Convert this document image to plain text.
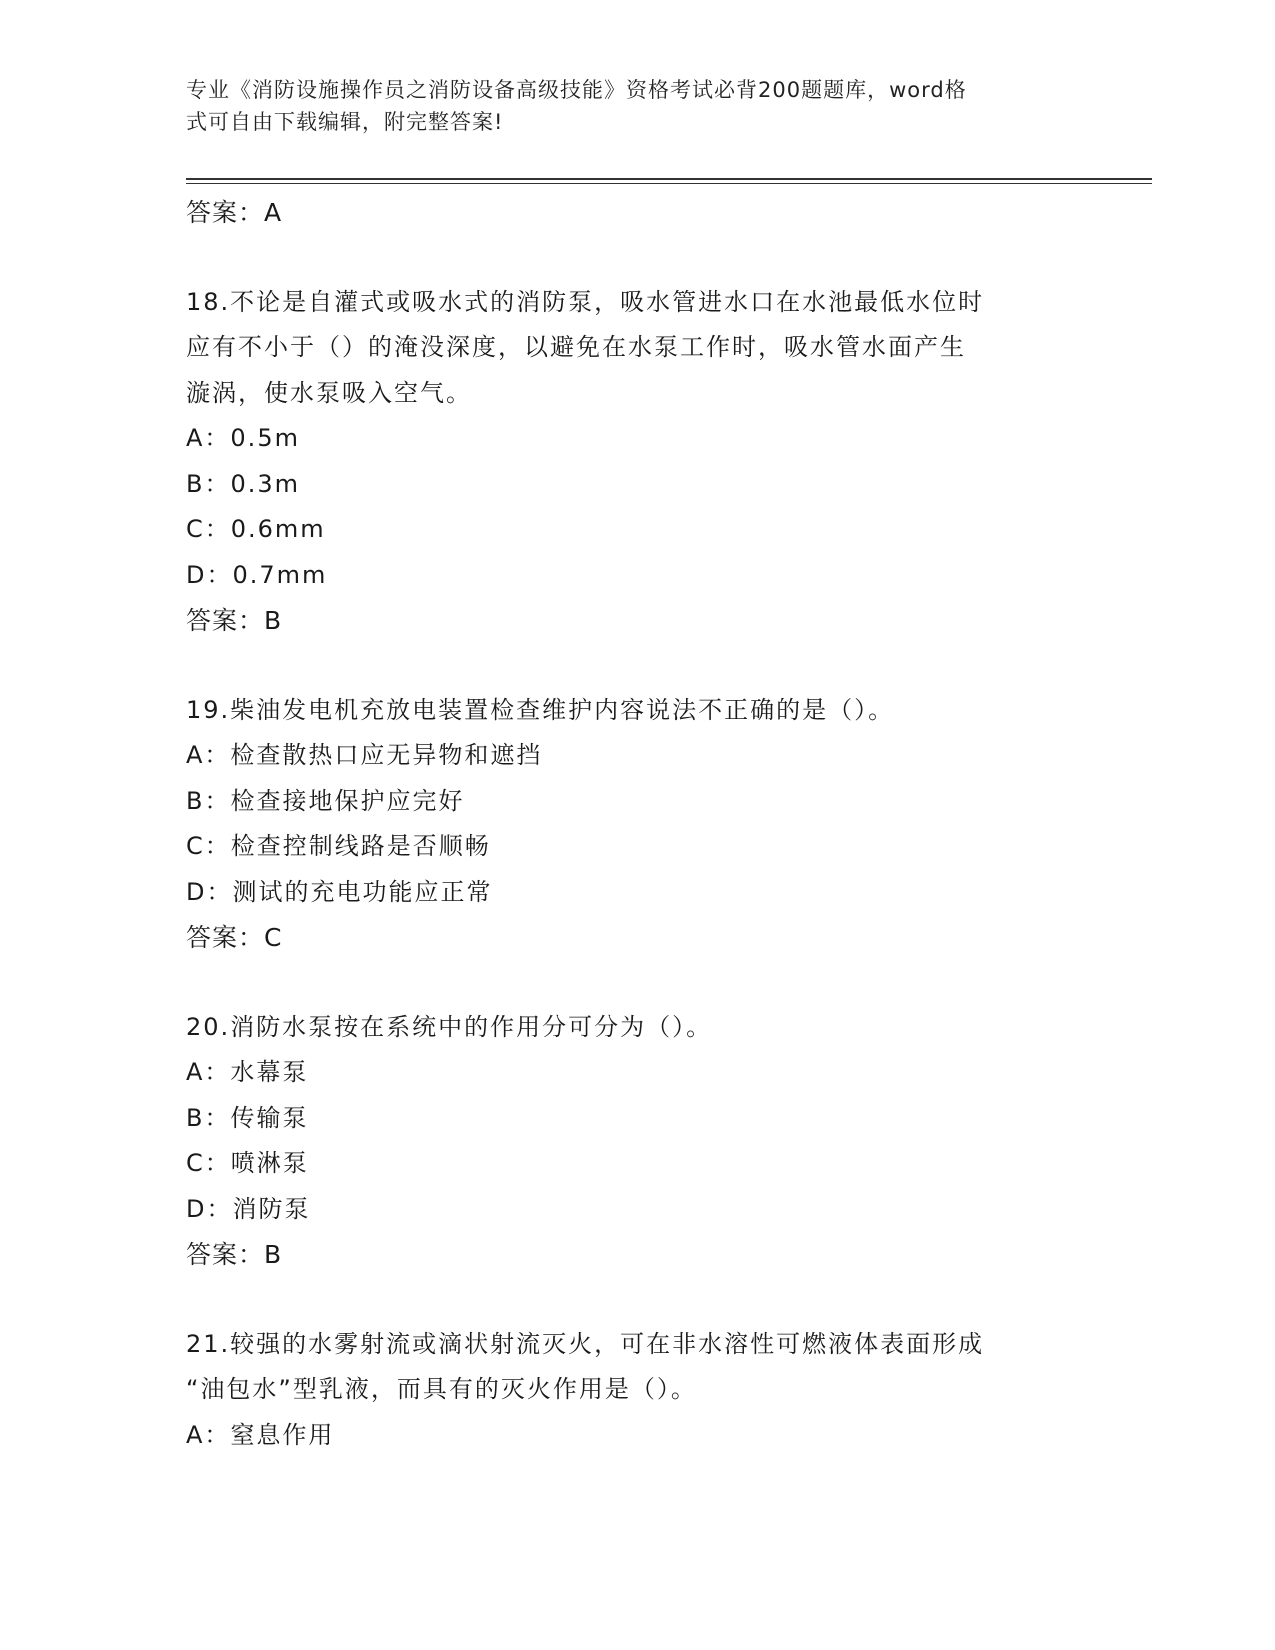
专业《消防设施操作员之消防设备高级技能》资格考试必背200题题库，word格
式可自由下载编辑，附完整答案!
答案：A
18.不论是自灌式或吸水式的消防泵，吸水管进水口在水池最低水位时
应有不小于（）的淹没深度，以避免在水泵工作时，吸水管水面产生
漩涡，使水泵吸入空气。
A：0.5m
B：0.3m
C：0.6mm
D：0.7mm
答案：B
19.柴油发电机充放电装置检查维护内容说法不正确的是（）。
A：检查散热口应无异物和遮挡
B：检查接地保护应完好
C：检查控制线路是否顺畅
D：测试的充电功能应正常
答案：C
20.消防水泵按在系统中的作用分可分为（）。
A：水幕泵
B：传输泵
C：喷淋泵
D：消防泵
答案：B
21.较强的水雾射流或滴状射流灭火，可在非水溶性可燃液体表面形成
“油包水”型乳液，而具有的灭火作用是（）。
A：窒息作用
